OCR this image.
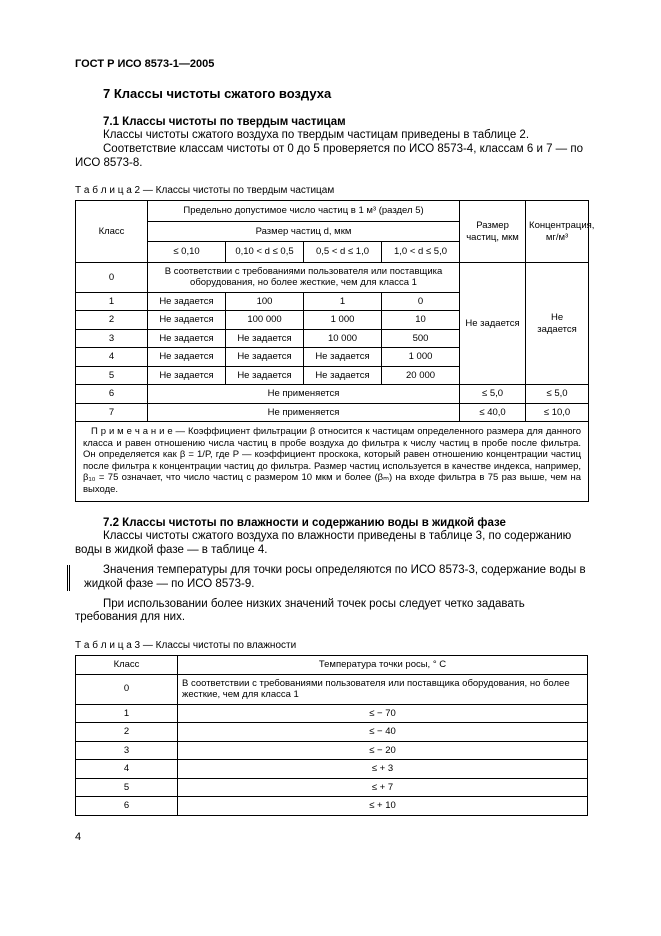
ГОСТ Р ИСО 8573-1—2005
7 Классы чистоты сжатого воздуха
7.1 Классы чистоты по твердым частицам

Классы чистоты сжатого воздуха по твердым частицам приведены в таблице 2.

Соответствие классам чистоты от 0 до 5 проверяется по ИСО 8573-4, классам 6 и 7 — по ИСО 8573-8.

Т а б л и ц а 2 — Классы чистоты по твердым частицам
Класс	Предельно допустимое число частиц в 1 м³ (раздел 5)				Размер частиц, мкм	Концентрация, мг/м³
	Размер частиц d, мкм					
	≤ 0,10	0,10 < d ≤ 0,5	0,5 < d ≤ 1,0	1,0 < d ≤ 5,0		
0	В соответствии с требованиями пользователя или поставщика оборудования, но более жесткие, чем для класса 1				Не задается	Не задается
1	Не задается	100	1	0		
2	Не задается	100 000	1 000	10		
3	Не задается	Не задается	10 000	500		
4	Не задается	Не задается	Не задается	1 000		
5	Не задается	Не задается	Не задается	20 000		
6	Не применяется				≤ 5,0	≤ 5,0
7	Не применяется				≤ 40,0	≤ 10,0
П р и м е ч а н и е — Коэффициент фильтрации β относится к частицам определенного размера для данного класса и равен отношению числа частиц в пробе воздуха до фильтра к числу частиц в пробе после фильтра. Он определяется как β = 1/P, где P — коэффициент проскока, который равен отношению концентрации частиц после фильтра к концентрации частиц до фильтра. Размер частиц используется в качестве индекса, например, β₁₀ = 75 означает, что число частиц с размером 10 мкм и более (βₘ) на входе фильтра в 75 раз выше, чем на выходе.						
7.2 Классы чистоты по влажности и содержанию воды в жидкой фазе

Классы чистоты сжатого воздуха по влажности приведены в таблице 3, по содержанию воды в жидкой фазе — в таблице 4.

Значения температуры для точки росы определяются по ИСО 8573-3, содержание воды в жидкой фазе — по ИСО 8573-9.

При использовании более низких значений точек росы следует четко задавать требования для них.

Т а б л и ц а 3 — Классы чистоты по влажности
Класс	Температура точки росы, ° С
0	В соответствии с требованиями пользователя или поставщика оборудования, но более жесткие, чем для класса 1
1	≤ − 70
2	≤ − 40
3	≤ − 20
4	≤ + 3
5	≤ + 7
6	≤ + 10
4
